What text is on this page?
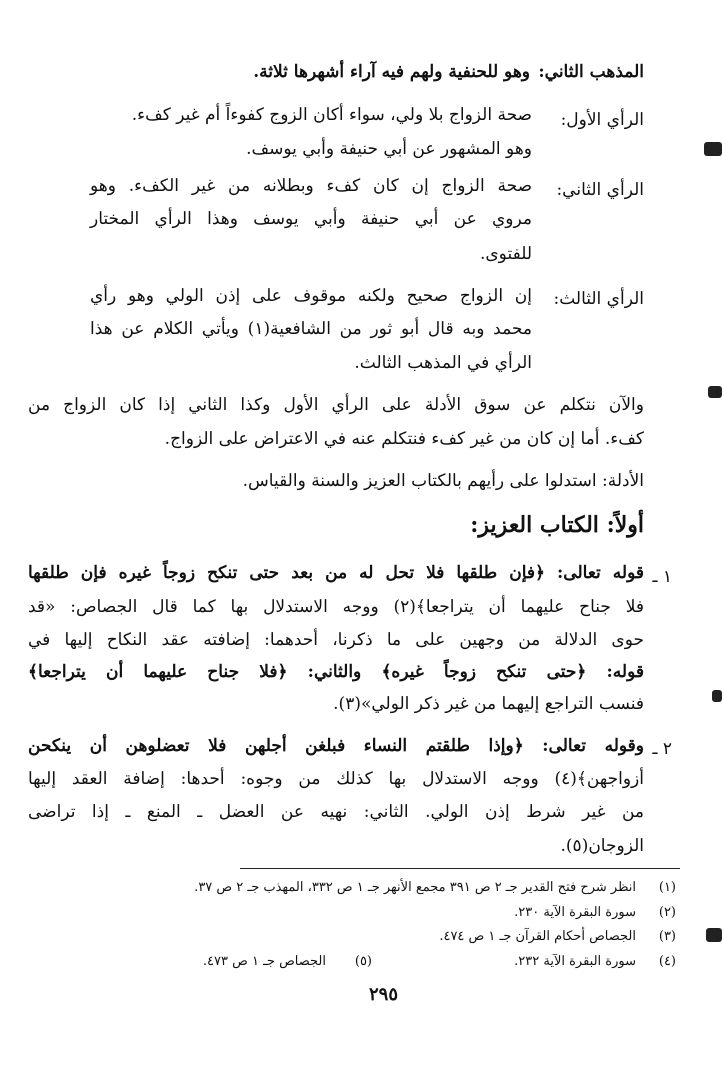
المذهب الثاني:
وهو للحنفية ولهم فيه آراء أشهرها ثلاثة.
الرأي الأول:
صحة الزواج بلا ولي، سواء أكان الزوج كفوءاً أم غير كفء.
وهو المشهور عن أبي حنيفة وأبي يوسف.
الرأي الثاني:
صحة الزواج إن كان كفء وبطلانه من غير الكفء. وهو
مروي عن أبي حنيفة وأبي يوسف وهذا الرأي المختار
للفتوى.
الرأي الثالث:
إن الزواج صحيح ولكنه موقوف على إذن الولي وهو رأي
محمد وبه قال أبو ثور من الشافعية(١) ويأتي الكلام عن هذا
الرأي في المذهب الثالث.
والآن نتكلم عن سوق الأدلة على الرأي الأول وكذا الثاني إذا كان الزواج من
كفء. أما إن كان من غير كفء فنتكلم عنه في الاعتراض على الزواج.
الأدلة: استدلوا على رأيهم بالكتاب العزيز والسنة والقياس.
أولاً: الكتاب العزيز:
١ ـ
قوله تعالى: ﴿فإن طلقها فلا تحل له من بعد حتى تنكح زوجاً غيره فإن طلقها
فلا جناح عليهما أن يتراجعا﴾(٢) ووجه الاستدلال بها كما قال الجصاص: «قد
حوى الدلالة من وجهين على ما ذكرنا، أحدهما: إضافته عقد النكاح إليها في
قوله: ﴿حتى تنكح زوجاً غيره﴾ والثاني: ﴿فلا جناح عليهما أن يتراجعا﴾
فنسب التراجع إليهما من غير ذكر الولي»(٣).
٢ ـ
وقوله تعالى: ﴿وإذا طلقتم النساء فبلغن أجلهن فلا تعضلوهن أن ينكحن
أزواجهن﴾(٤) ووجه الاستدلال بها كذلك من وجوه: أحدها: إضافة العقد إليها
من غير شرط إذن الولي. الثاني: نهيه عن العضل ـ المنع ـ إذا تراضى
الزوجان(٥).
(١)
انظر شرح فتح القدير جـ ٢ ص ٣٩١ مجمع الأنهر جـ ١ ص ٣٣٢، المهذب جـ ٢ ص ٣٧.
(٢)
سورة البقرة الآية ٢٣٠.
(٣)
الجصاص أحكام القرآن جـ ١ ص ٤٧٤.
(٤)
سورة البقرة الآية ٢٣٢.
(٥)
الجصاص جـ ١ ص ٤٧٣.
٢٩٥
